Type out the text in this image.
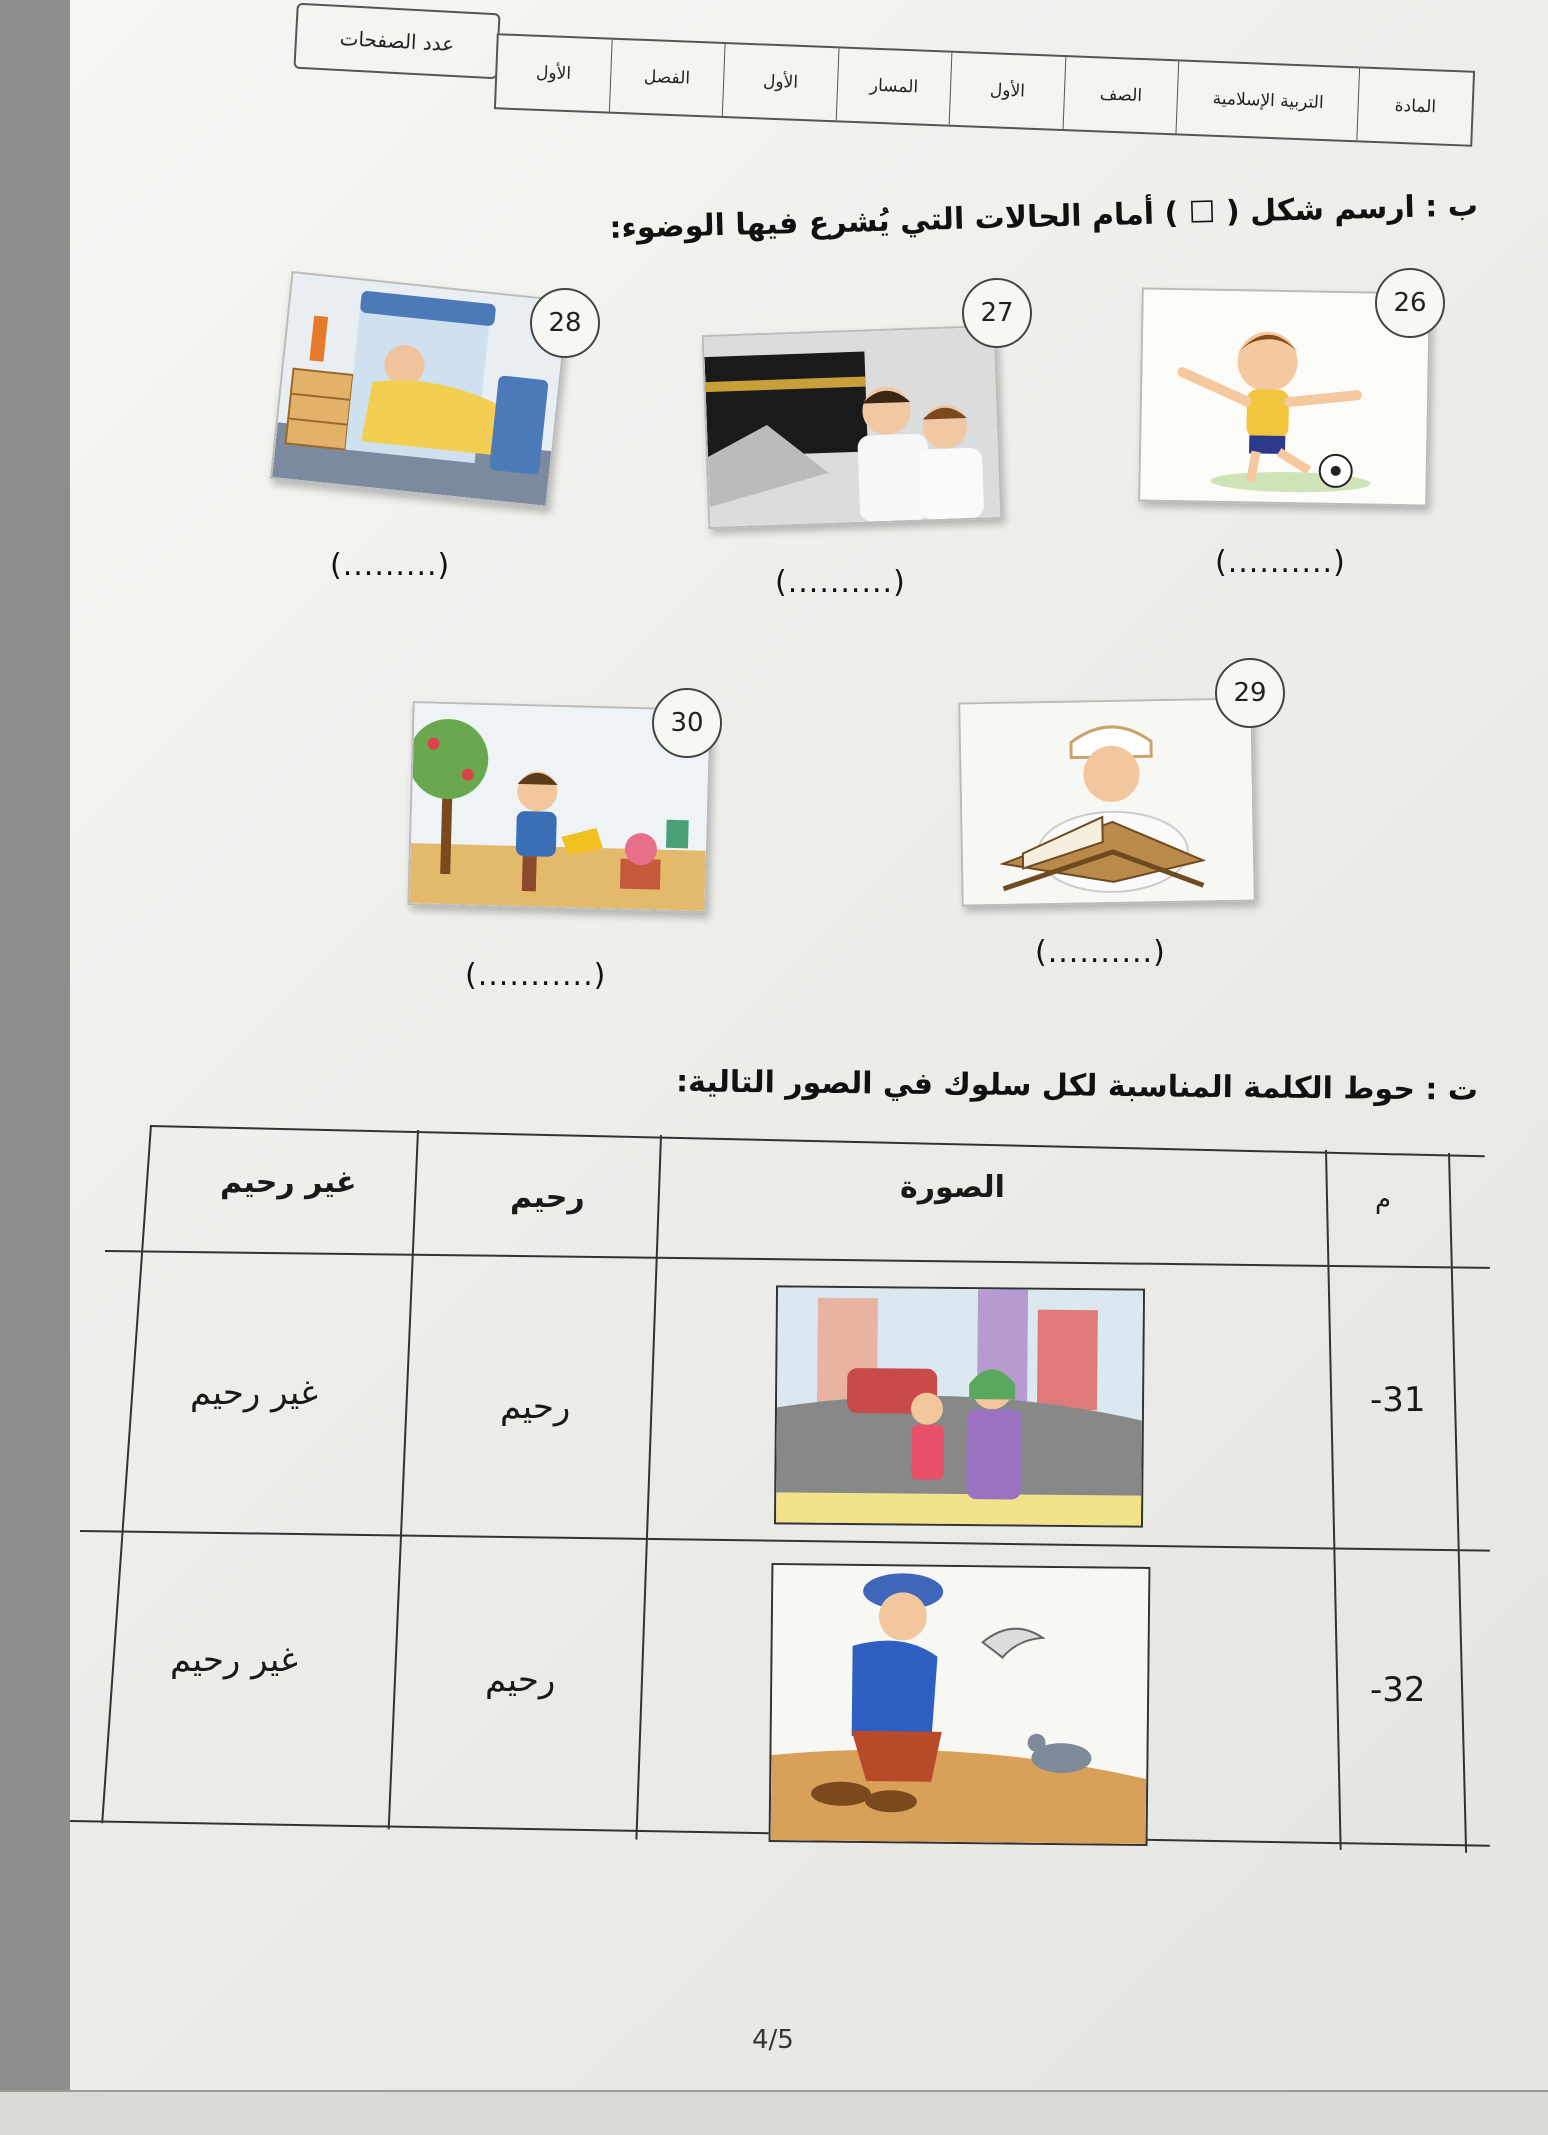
عدد الصفحات
المادة
التربية الإسلامية
الصف
الأول
المسار
الأول
الفصل
الأول
ب : ارسم شكل ( ☐ ) أمام الحالات التي يُشرع فيها الوضوء:
26
(..........)
27
(..........)
28
(.........)
29
(..........)
30
(...........)
ت : حوط الكلمة المناسبة لكل سلوك في الصور التالية:
م
الصورة
رحيم
غير رحيم
31-
رحيم
غير رحيم
32-
رحيم
غير رحيم
4/5
